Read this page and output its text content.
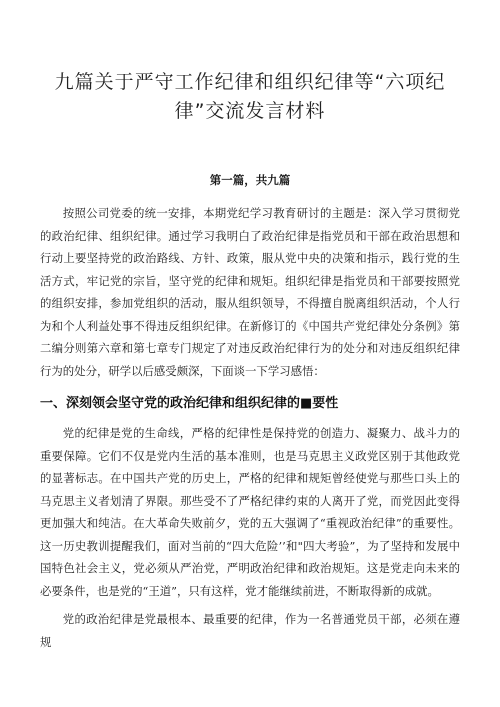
九篇关于严守工作纪律和组织纪律等“六项纪律”交流发言材料
第一篇，共九篇

按照公司党委的统一安排，本期党纪学习教育研讨的主题是：深入学习贯彻党的政治纪律、组织纪律。通过学习我明白了政治纪律是指党员和干部在政治思想和行动上要坚持党的政治路线、方针、政策，服从党中央的决策和指示，践行党的生活方式，牢记党的宗旨，坚守党的纪律和规矩。组织纪律是指党员和干部要按照党的组织安排，参加党组织的活动，服从组织领导，不得擅自脱离组织活动，个人行为和个人利益处事不得违反组织纪律。在新修订的《中国共产党纪律处分条例》第二编分则第六章和第七章专门规定了对违反政治纪律行为的处分和对违反组织纪律行为的处分，研学以后感受颇深，下面谈一下学习感悟：

一、深刻领会坚守党的政治纪律和组织纪律的■要性

党的纪律是党的生命线，严格的纪律性是保持党的创造力、凝聚力、战斗力的重要保障。它们不仅是党内生活的基本准则，也是马克思主义政党区别于其他政党的显著标志。在中国共产党的历史上，严格的纪律和规矩曾经使党与那些口头上的马克思主义者划清了界限。那些受不了严格纪律约束的人离开了党，而党因此变得更加强大和纯洁。在大革命失败前夕，党的五大强调了“重视政治纪律”的重要性。这一历史教训提醒我们，面对当前的“四大危险’’和"四大考验”，为了坚持和发展中国特色社会主义，党必须从严治党，严明政治纪律和政治规矩。这是党走向未来的必要条件，也是党的“王道”，只有这样，党才能继续前进，不断取得新的成就。

党的政治纪律是党最根本、最重要的纪律，作为一名普通党员干部，必须在遵规
